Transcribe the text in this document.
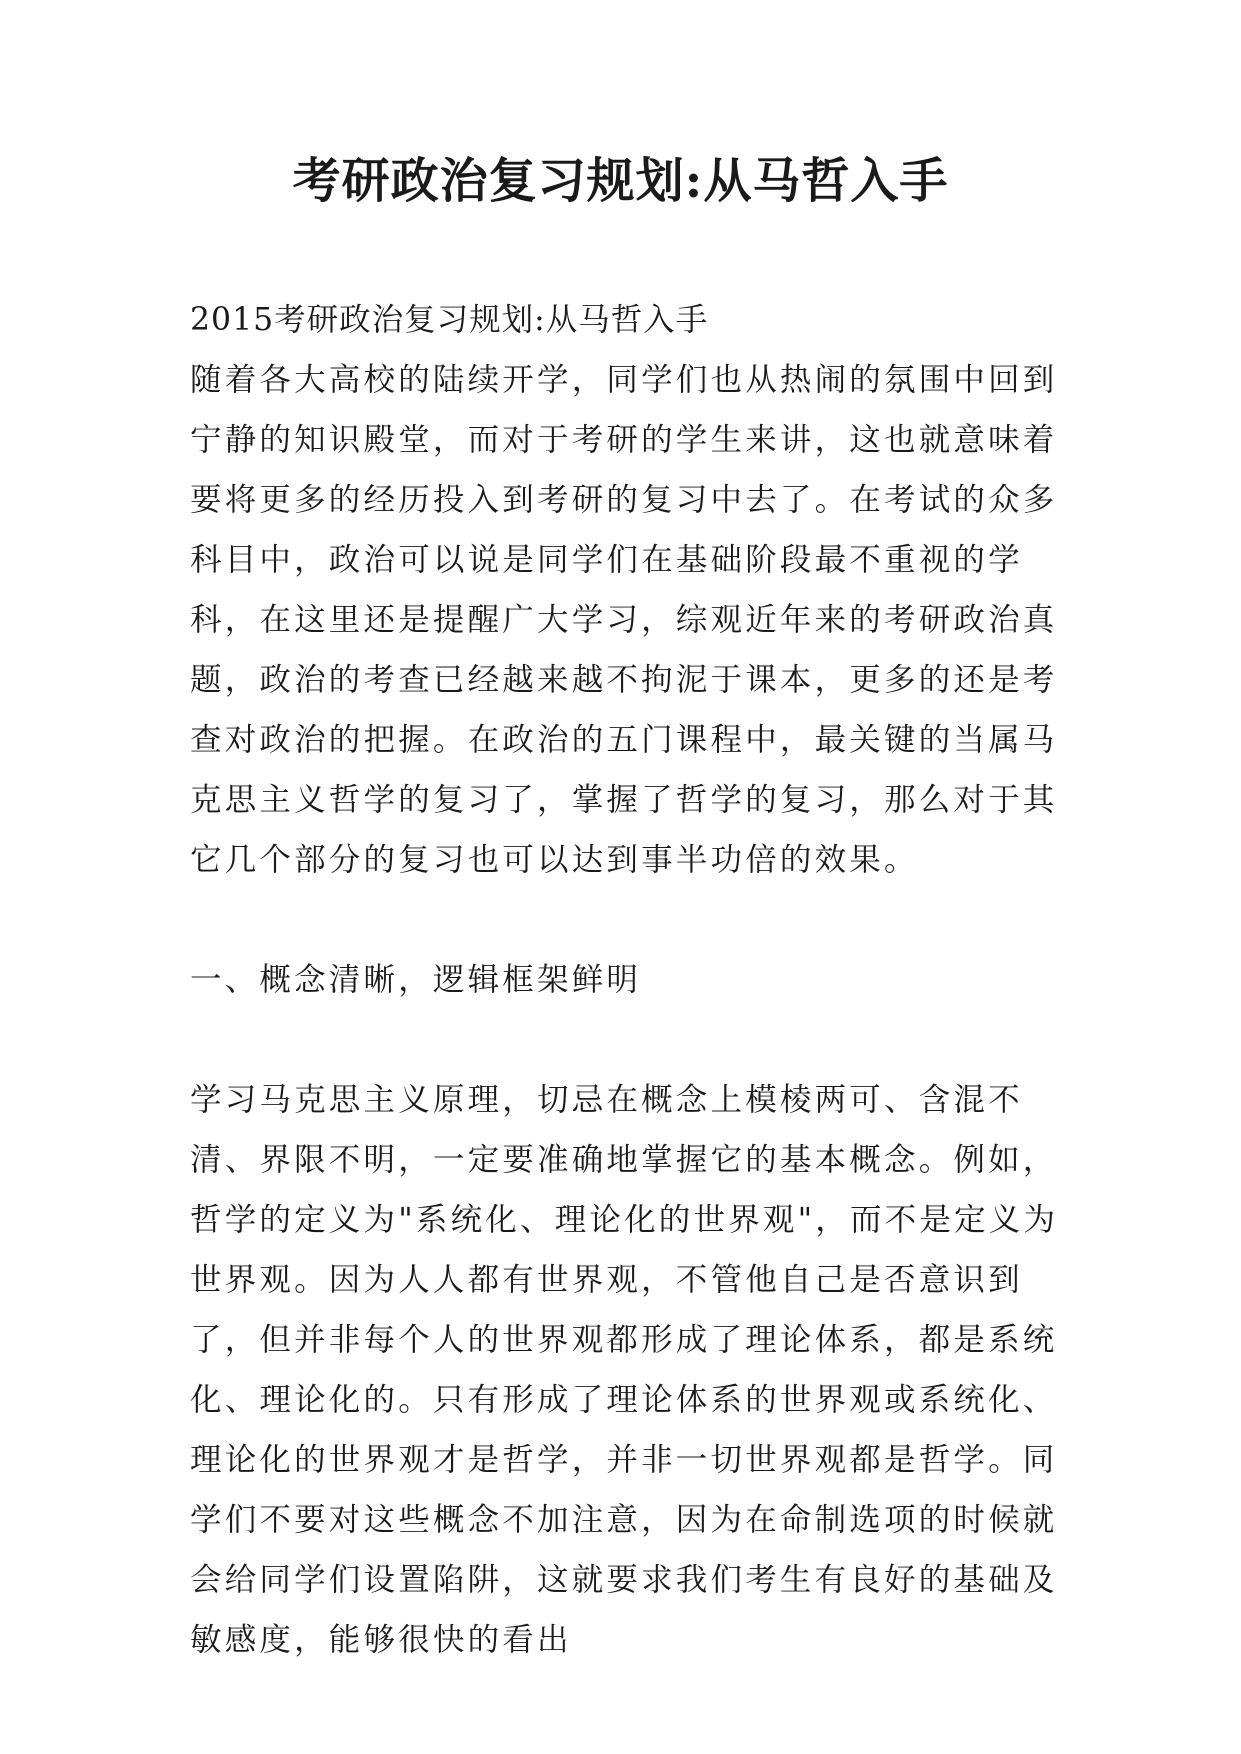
考研政治复习规划:从马哲入手

2015考研政治复习规划:从马哲入手

随着各大高校的陆续开学，同学们也从热闹的氛围中回到宁静的知识殿堂，而对于考研的学生来讲，这也就意味着要将更多的经历投入到考研的复习中去了。在考试的众多科目中，政治可以说是同学们在基础阶段最不重视的学科，在这里还是提醒广大学习，综观近年来的考研政治真题，政治的考查已经越来越不拘泥于课本，更多的还是考查对政治的把握。在政治的五门课程中，最关键的当属马克思主义哲学的复习了，掌握了哲学的复习，那么对于其它几个部分的复习也可以达到事半功倍的效果。

一、概念清晰，逻辑框架鲜明

学习马克思主义原理，切忌在概念上模棱两可、含混不清、界限不明，一定要准确地掌握它的基本概念。例如，哲学的定义为"系统化、理论化的世界观"，而不是定义为世界观。因为人人都有世界观，不管他自己是否意识到了，但并非每个人的世界观都形成了理论体系，都是系统化、理论化的。只有形成了理论体系的世界观或系统化、理论化的世界观才是哲学，并非一切世界观都是哲学。同学们不要对这些概念不加注意，因为在命制选项的时候就会给同学们设置陷阱，这就要求我们考生有良好的基础及敏感度，能够很快的看出
